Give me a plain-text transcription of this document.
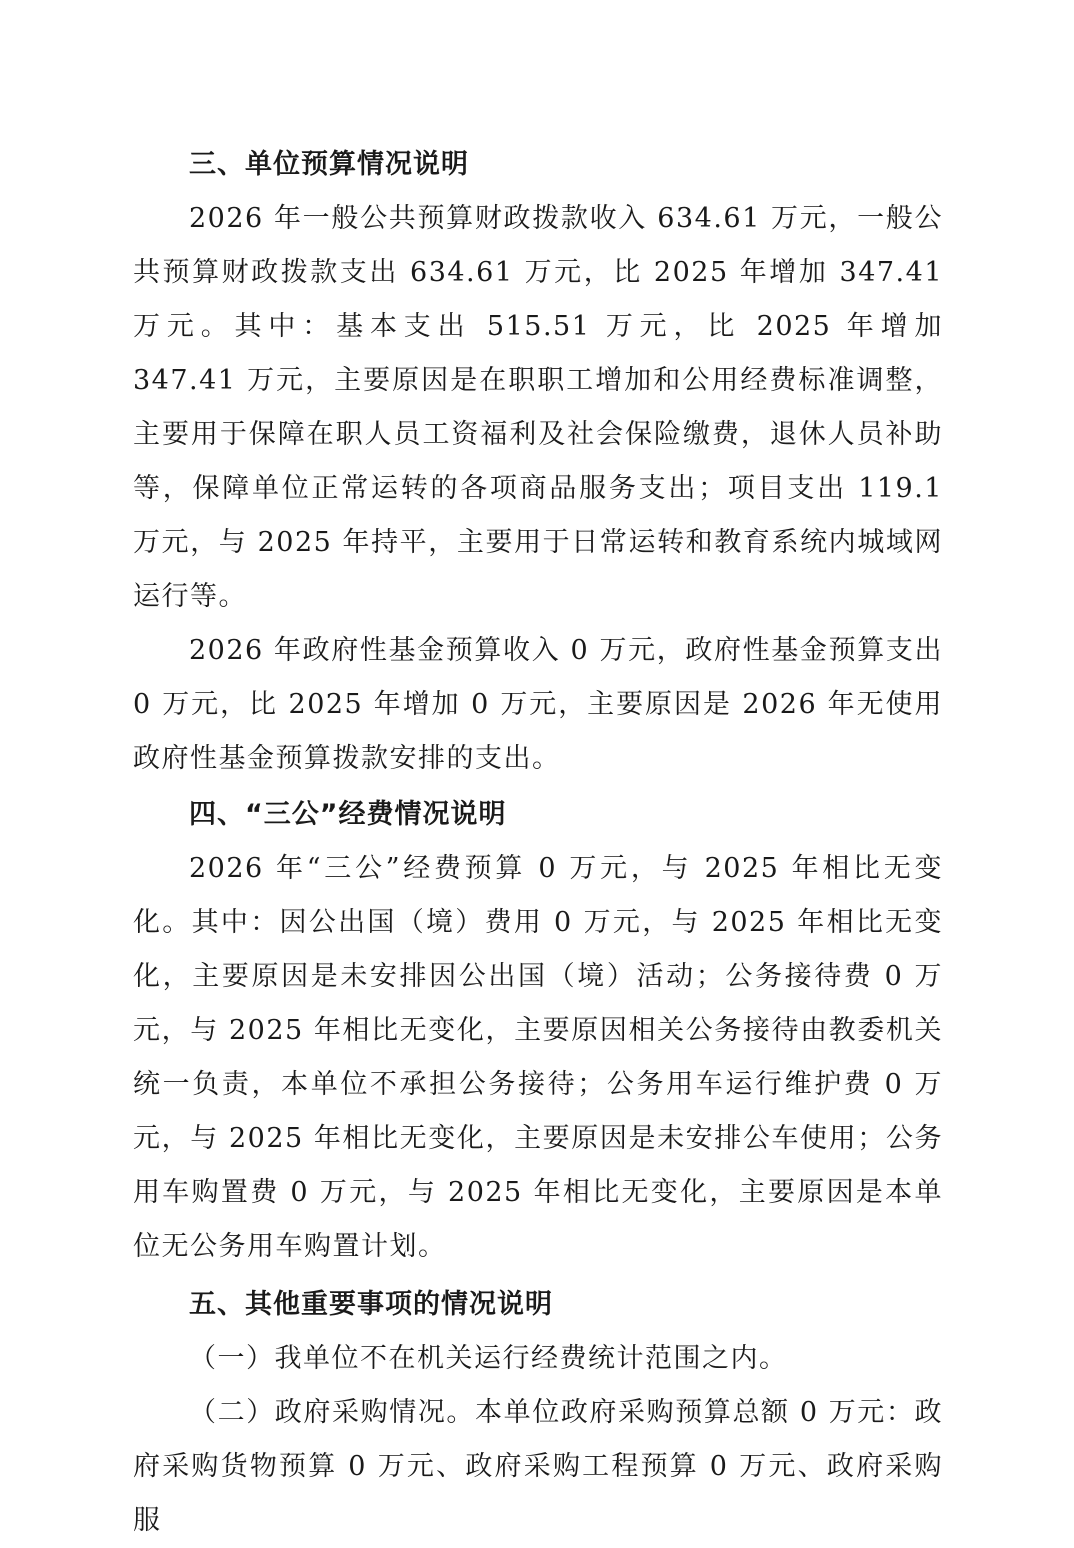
三、单位预算情况说明

2026 年一般公共预算财政拨款收入 634.61 万元，一般公共预算财政拨款支出 634.61 万元，比 2025 年增加 347.41 万元。其中：基本支出 515.51 万元，比 2025 年增加 347.41 万元，主要原因是在职职工增加和公用经费标准调整，主要用于保障在职人员工资福利及社会保险缴费，退休人员补助等，保障单位正常运转的各项商品服务支出；项目支出 119.1 万元，与 2025 年持平，主要用于日常运转和教育系统内城域网运行等。

2026 年政府性基金预算收入 0 万元，政府性基金预算支出 0 万元，比 2025 年增加 0 万元，主要原因是 2026 年无使用政府性基金预算拨款安排的支出。

四、“三公”经费情况说明

2026 年“三公”经费预算 0 万元，与 2025 年相比无变化。其中：因公出国（境）费用 0 万元，与 2025 年相比无变化，主要原因是未安排因公出国（境）活动；公务接待费 0 万元，与 2025 年相比无变化，主要原因相关公务接待由教委机关统一负责，本单位不承担公务接待；公务用车运行维护费 0 万元，与 2025 年相比无变化，主要原因是未安排公车使用；公务用车购置费 0 万元，与 2025 年相比无变化，主要原因是本单位无公务用车购置计划。

五、其他重要事项的情况说明

（一）我单位不在机关运行经费统计范围之内。

（二）政府采购情况。本单位政府采购预算总额 0 万元：政府采购货物预算 0 万元、政府采购工程预算 0 万元、政府采购服
